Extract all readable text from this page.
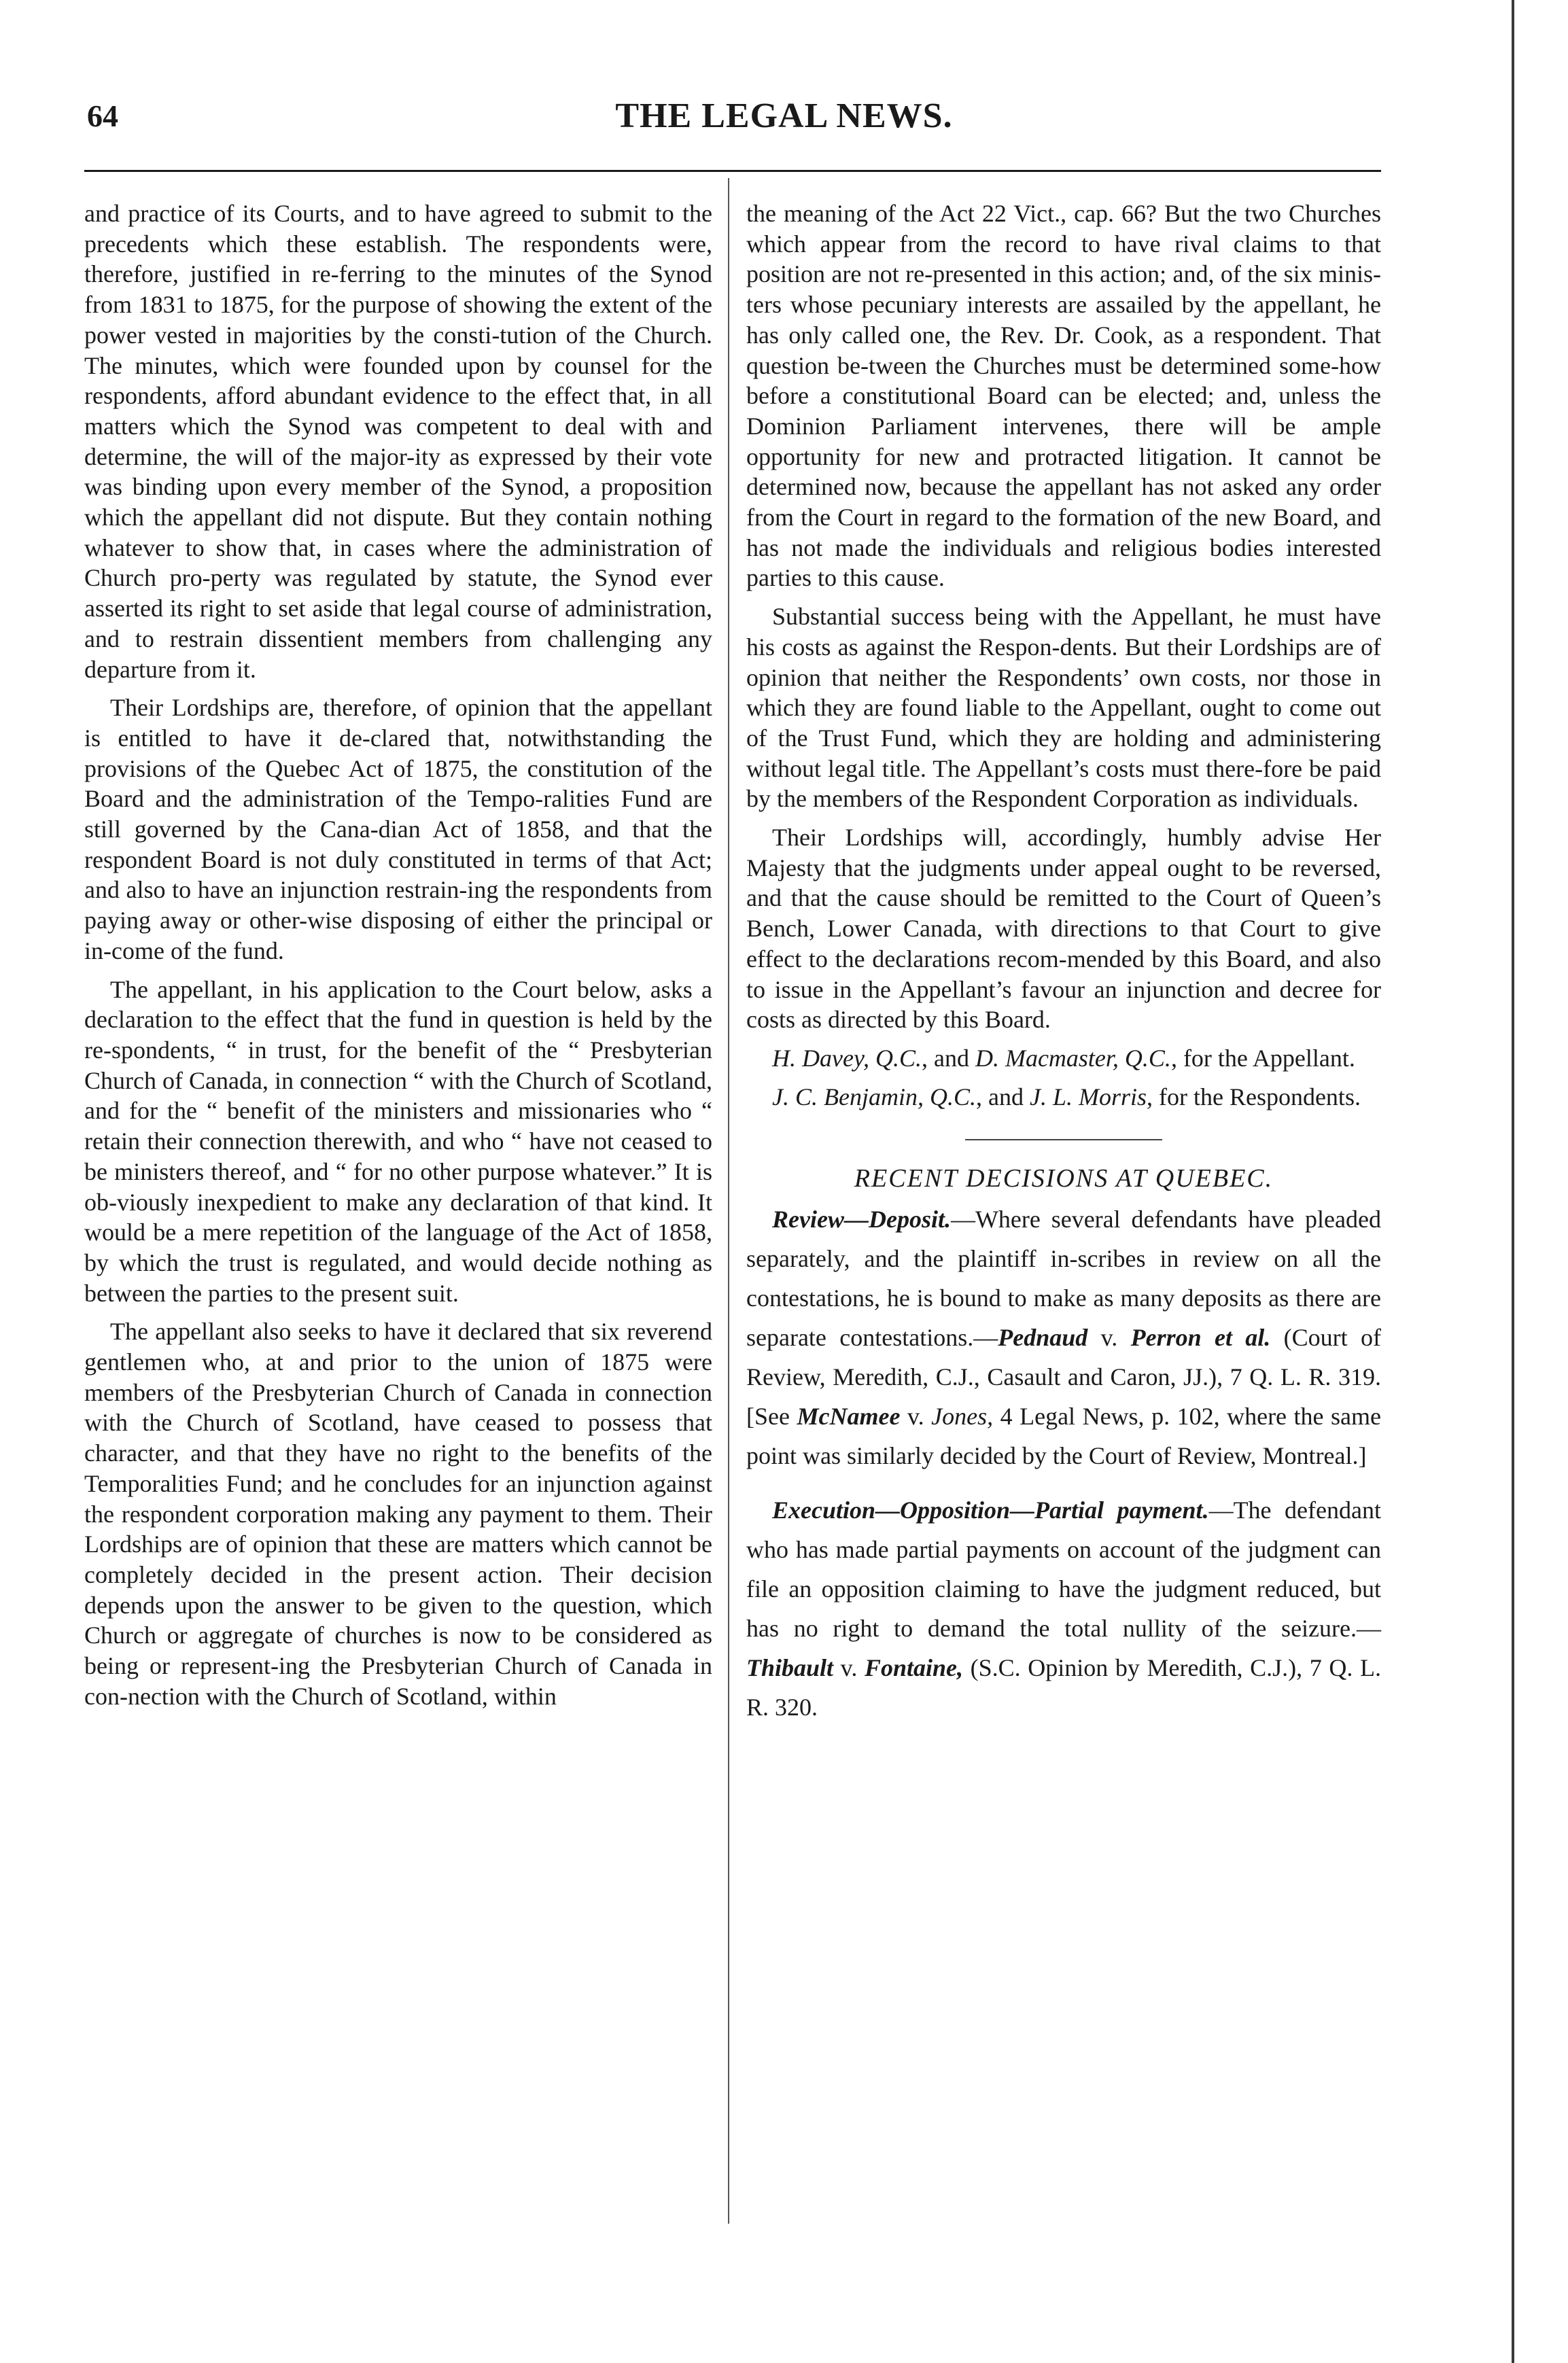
64	THE LEGAL NEWS.

and practice of its Courts, and to have agreed to submit to the precedents which these establish. The respondents were, therefore, justified in re-ferring to the minutes of the Synod from 1831 to 1875, for the purpose of showing the extent of the power vested in majorities by the consti-tution of the Church. The minutes, which were founded upon by counsel for the respondents, afford abundant evidence to the effect that, in all matters which the Synod was competent to deal with and determine, the will of the major-ity as expressed by their vote was binding upon every member of the Synod, a proposition which the appellant did not dispute. But they contain nothing whatever to show that, in cases where the administration of Church pro-perty was regulated by statute, the Synod ever asserted its right to set aside that legal course of administration, and to restrain dissentient members from challenging any departure from it.

Their Lordships are, therefore, of opinion that the appellant is entitled to have it de-clared that, notwithstanding the provisions of the Quebec Act of 1875, the constitution of the Board and the administration of the Tempo-ralities Fund are still governed by the Cana-dian Act of 1858, and that the respondent Board is not duly constituted in terms of that Act; and also to have an injunction restrain-ing the respondents from paying away or other-wise disposing of either the principal or in-come of the fund.

The appellant, in his application to the Court below, asks a declaration to the effect that the fund in question is held by the re-spondents, “ in trust, for the benefit of the “ Presbyterian Church of Canada, in connection “ with the Church of Scotland, and for the “ benefit of the ministers and missionaries who “ retain their connection therewith, and who “ have not ceased to be ministers thereof, and “ for no other purpose whatever.” It is ob-viously inexpedient to make any declaration of that kind. It would be a mere repetition of the language of the Act of 1858, by which the trust is regulated, and would decide nothing as between the parties to the present suit.

The appellant also seeks to have it declared that six reverend gentlemen who, at and prior to the union of 1875 were members of the Presbyterian Church of Canada in connection with the Church of Scotland, have ceased to possess that character, and that they have no right to the benefits of the Temporalities Fund; and he concludes for an injunction against the respondent corporation making any payment to them. Their Lordships are of opinion that these are matters which cannot be completely decided in the present action. Their decision depends upon the answer to be given to the question, which Church or aggregate of churches is now to be considered as being or represent-ing the Presbyterian Church of Canada in con-nection with the Church of Scotland, within

the meaning of the Act 22 Vict., cap. 66? But the two Churches which appear from the record to have rival claims to that position are not re-presented in this action; and, of the six minis-ters whose pecuniary interests are assailed by the appellant, he has only called one, the Rev. Dr. Cook, as a respondent. That question be-tween the Churches must be determined some-how before a constitutional Board can be elected; and, unless the Dominion Parliament intervenes, there will be ample opportunity for new and protracted litigation. It cannot be determined now, because the appellant has not asked any order from the Court in regard to the formation of the new Board, and has not made the individuals and religious bodies interested parties to this cause.

Substantial success being with the Appellant, he must have his costs as against the Respon-dents. But their Lordships are of opinion that neither the Respondents’ own costs, nor those in which they are found liable to the Appellant, ought to come out of the Trust Fund, which they are holding and administering without legal title. The Appellant’s costs must there-fore be paid by the members of the Respondent Corporation as individuals.

Their Lordships will, accordingly, humbly advise Her Majesty that the judgments under appeal ought to be reversed, and that the cause should be remitted to the Court of Queen’s Bench, Lower Canada, with directions to that Court to give effect to the declarations recom-mended by this Board, and also to issue in the Appellant’s favour an injunction and decree for costs as directed by this Board.

H. Davey, Q.C., and D. Macmaster, Q.C., for the Appellant.

J. C. Benjamin, Q.C., and J. L. Morris, for the Respondents.

RECENT DECISIONS AT QUEBEC.

Review—Deposit.—Where several defendants have pleaded separately, and the plaintiff in-scribes in review on all the contestations, he is bound to make as many deposits as there are separate contestations.—Pednaud v. Perron et al. (Court of Review, Meredith, C.J., Casault and Caron, JJ.), 7 Q. L. R. 319. [See McNamee v. Jones, 4 Legal News, p. 102, where the same point was similarly decided by the Court of Review, Montreal.]

Execution—Opposition—Partial payment.—The defendant who has made partial payments on account of the judgment can file an opposition claiming to have the judgment reduced, but has no right to demand the total nullity of the seizure.—Thibault v. Fontaine, (S.C. Opinion by Meredith, C.J.), 7 Q. L. R. 320.
